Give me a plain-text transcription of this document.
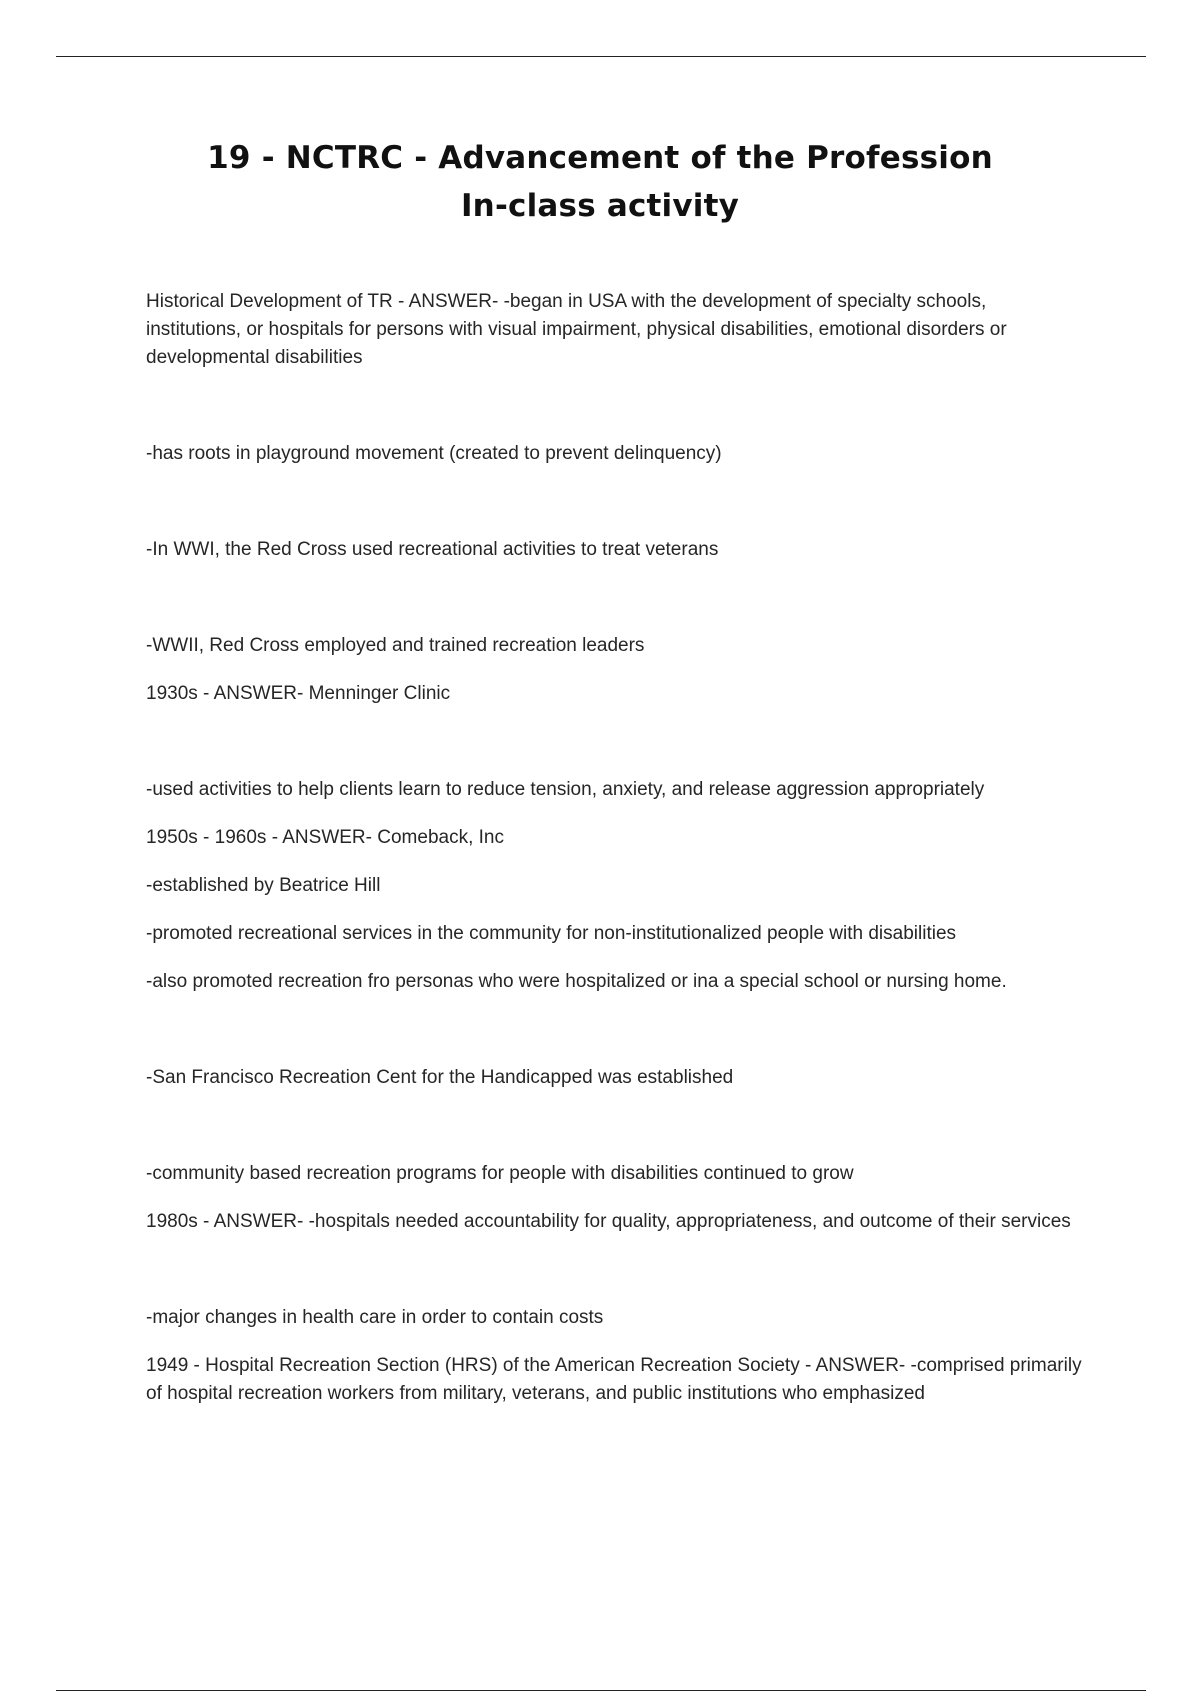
19 - NCTRC - Advancement of the Profession
In-class activity

Historical Development of TR - ANSWER- -began in USA with the development of specialty schools, institutions, or hospitals for persons with visual impairment, physical disabilities, emotional disorders or developmental disabilities

-has roots in playground movement (created to prevent delinquency)

-In WWI, the Red Cross used recreational activities to treat veterans

-WWII, Red Cross employed and trained recreation leaders

1930s - ANSWER- Menninger Clinic

-used activities to help clients learn to reduce tension, anxiety, and release aggression appropriately

1950s - 1960s - ANSWER- Comeback, Inc

-established by Beatrice Hill

-promoted recreational services in the community for non-institutionalized people with disabilities

-also promoted recreation fro personas who were hospitalized or ina a special school or nursing home.

-San Francisco Recreation Cent for the Handicapped was established

-community based recreation programs for people with disabilities continued to grow

1980s - ANSWER- -hospitals needed accountability for quality, appropriateness, and outcome of their services

-major changes in health care in order to contain costs

1949 - Hospital Recreation Section (HRS) of the American Recreation Society - ANSWER- -comprised primarily of hospital recreation workers from military, veterans, and public institutions who emphasized
